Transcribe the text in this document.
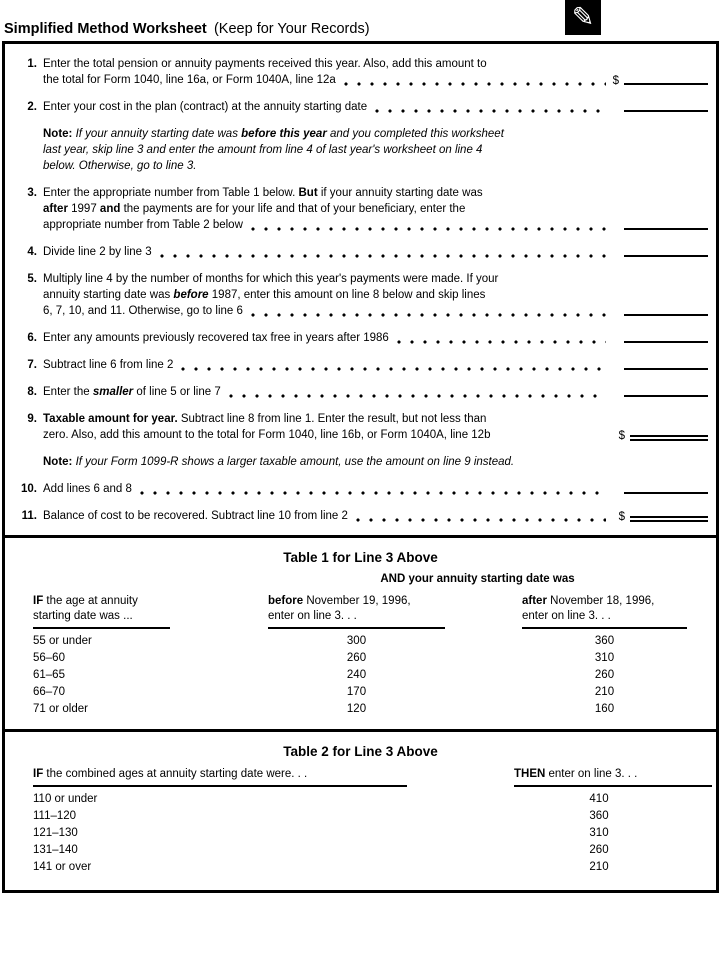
Simplified Method Worksheet (Keep for Your Records)	✎
1. Enter the total pension or annuity payments received this year. Also, add this amount to
the total for Form 1040, line 16a, or Form 1040A, line 12a	$
2. Enter your cost in the plan (contract) at the annuity starting date
Note: If your annuity starting date was before this year and you completed this worksheet
last year, skip line 3 and enter the amount from line 4 of last year's worksheet on line 4
below. Otherwise, go to line 3.
3. Enter the appropriate number from Table 1 below. But if your annuity starting date was
after 1997 and the payments are for your life and that of your beneficiary, enter the
appropriate number from Table 2 below
4. Divide line 2 by line 3
5. Multiply line 4 by the number of months for which this year's payments were made. If your
annuity starting date was before 1987, enter this amount on line 8 below and skip lines
6, 7, 10, and 11. Otherwise, go to line 6
6. Enter any amounts previously recovered tax free in years after 1986
7. Subtract line 6 from line 2
8. Enter the smaller of line 5 or line 7
9. Taxable amount for year. Subtract line 8 from line 1. Enter the result, but not less than
zero. Also, add this amount to the total for Form 1040, line 16b, or Form 1040A, line 12b	$
Note: If your Form 1099-R shows a larger taxable amount, use the amount on line 9 instead.
10. Add lines 6 and 8
11. Balance of cost to be recovered. Subtract line 10 from line 2	$
Table 1 for Line 3 Above
AND your annuity starting date was
IF the age at annuity
starting date was ...
before November 19, 1996,
enter on line 3. . .
after November 18, 1996,
enter on line 3. . .
55 or under	300	360
56–60	260	310
61–65	240	260
66–70	170	210
71 or older	120	160
Table 2 for Line 3 Above
IF the combined ages at annuity starting date were. . .	THEN enter on line 3. . .
110 or under	410
111–120	360
121–130	310
131–140	260
141 or over	210
